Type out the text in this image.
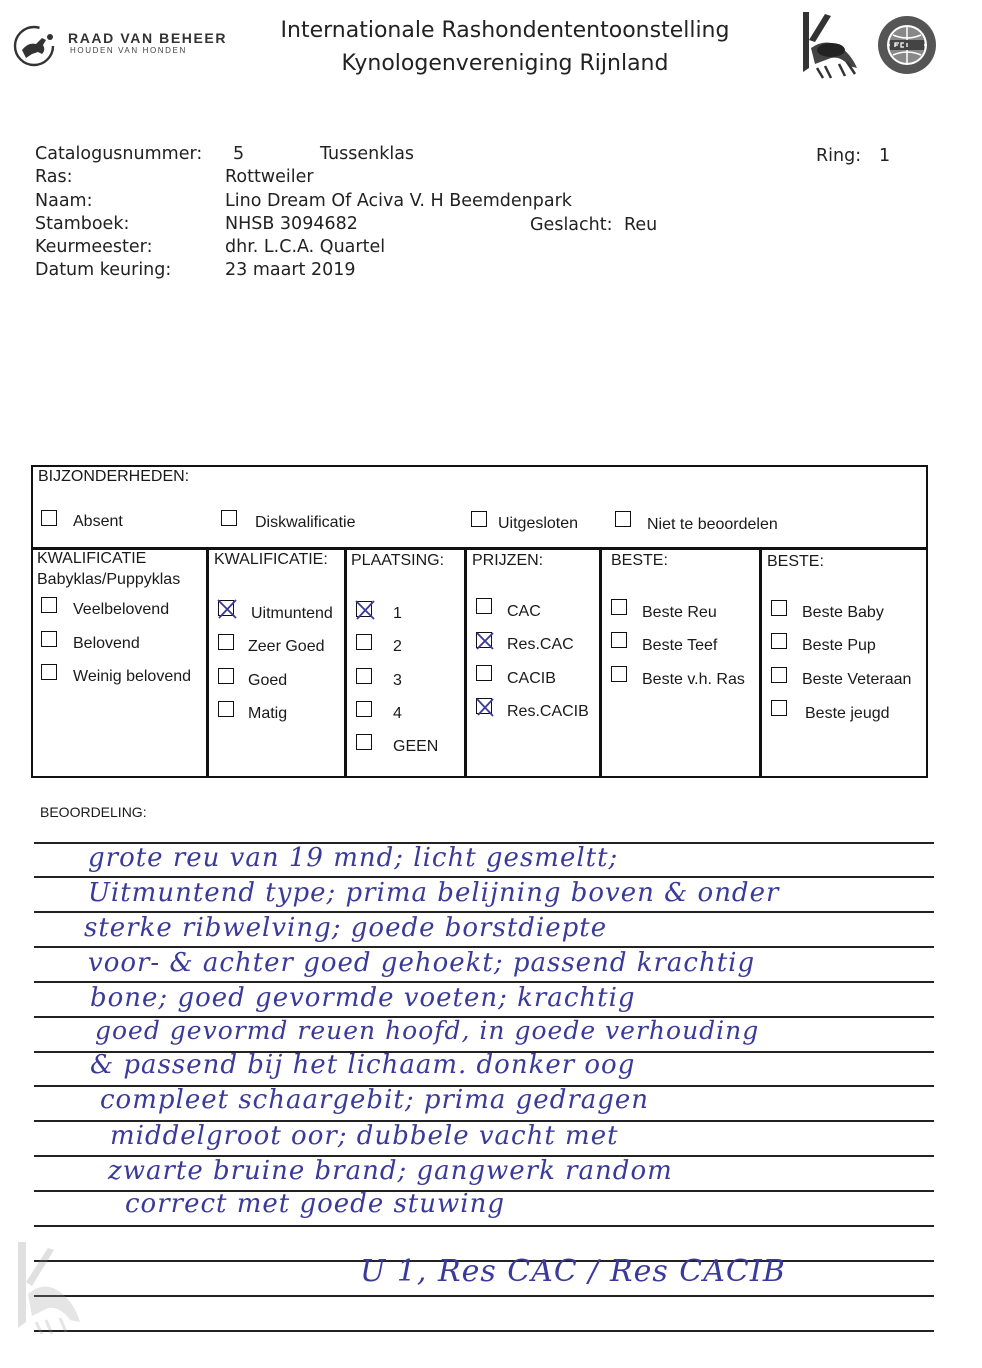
RAAD VAN BEHEER
HOUDEN VAN HONDEN
Internationale Rashondententoonstelling
Kynologenvereniging Rijnland
Catalogusnummer: 5	Tussenklas	Ring: 1
Ras:	Rottweiler
Naam:	Lino Dream Of Aciva V. H Beemdenpark
Stamboek:	NHSB 3094682	Geslacht: Reu
Keurmeester:	dhr. L.C.A. Quartel
Datum keuring:	23 maart 2019
BIJZONDERHEDEN:
Absent	Diskwalificatie	Uitgesloten	Niet te beoordelen
KWALIFICATIE
Babyklas/Puppyklas
Veelbelovend
Belovend
Weinig belovend
KWALIFICATIE:
Uitmuntend
Zeer Goed
Goed
Matig
PLAATSING:
1
2
3
4
GEEN
PRIJZEN:
CAC
Res.CAC
CACIB
Res.CACIB
BESTE:
Beste Reu
Beste Teef
Beste v.h. Ras
BESTE:
Beste Baby
Beste Pup
Beste Veteraan
Beste jeugd
BEOORDELING:
grote reu van 19 mnd; licht gesmeltt;
Uitmuntend type; prima belijning boven & onder
sterke ribwelving; goede borstdiepte
voor- & achter goed gehoekt; passend krachtig
bone; goed gevormde voeten; krachtig
goed gevormd reuen hoofd, in goede verhouding
& passend bij het lichaam. donker oog
compleet schaargebit; prima gedragen
middelgroot oor; dubbele vacht met
zwarte bruine brand; gangwerk random
correct met goede stuwing
U 1, Res CAC / Res CACIB
